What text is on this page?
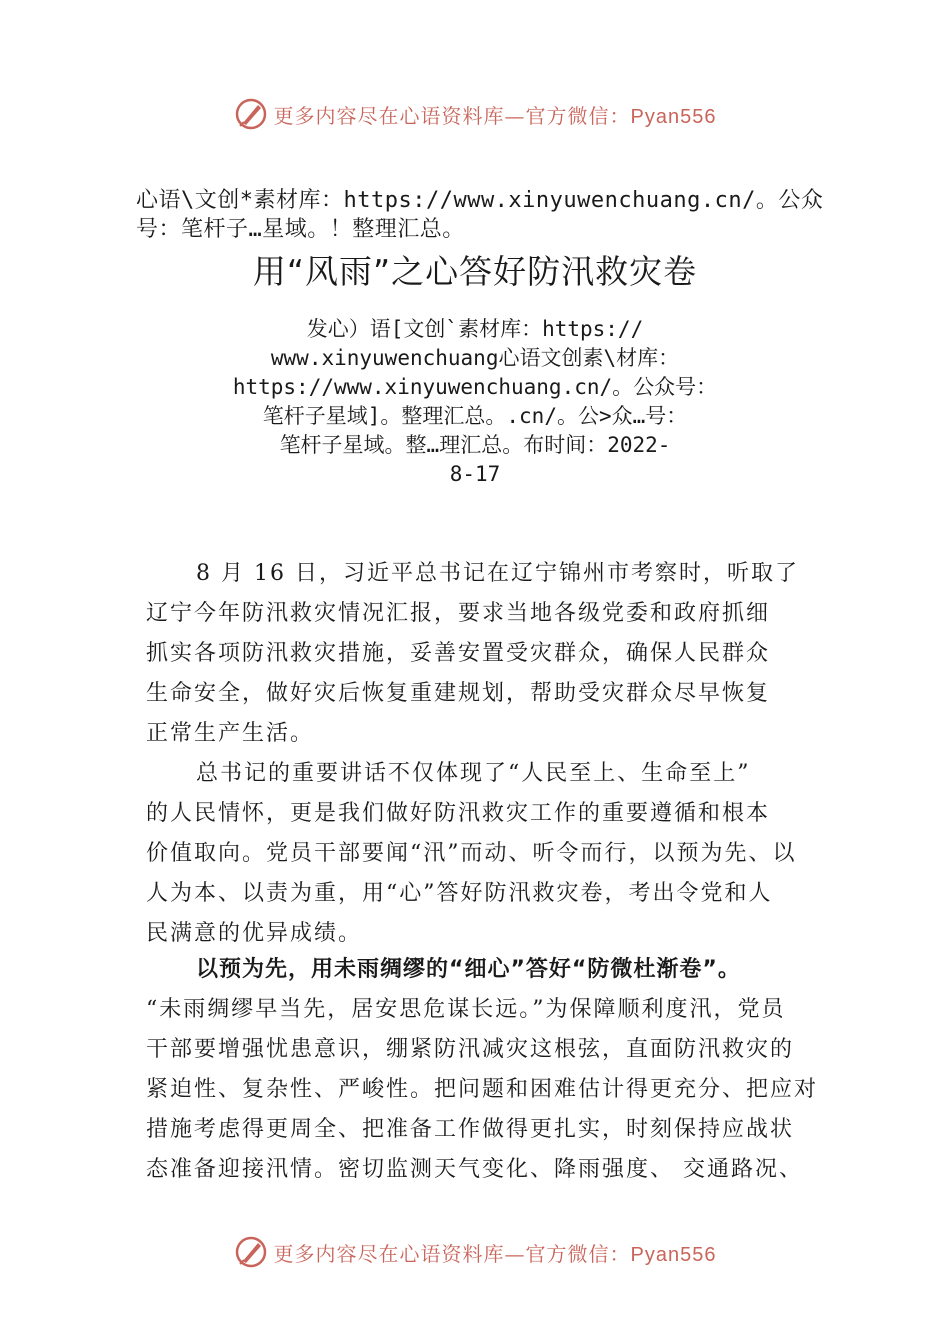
更多内容尽在心语资料库—官方微信：Pyan556
心语\文创*素材库：https://www.xinyuwenchuang.cn/。公众
号：笔杆子…星域。！整理汇总。
用“风雨”之心答好防汛救灾卷
发心）语[文创`素材库：https://
www.xinyuwenchuang心语文创素\材库：
https://www.xinyuwenchuang.cn/。公众号：
笔杆子星域]。整理汇总。.cn/。公>众…号：
笔杆子星域。整…理汇总。布时间：2022-
8-17
8 月 16 日，习近平总书记在辽宁锦州市考察时，听取了
辽宁今年防汛救灾情况汇报，要求当地各级党委和政府抓细
抓实各项防汛救灾措施，妥善安置受灾群众，确保人民群众
生命安全，做好灾后恢复重建规划，帮助受灾群众尽早恢复
正常生产生活。
总书记的重要讲话不仅体现了“人民至上、生命至上”
的人民情怀，更是我们做好防汛救灾工作的重要遵循和根本
价值取向。党员干部要闻“汛”而动、听令而行，以预为先、以
人为本、以责为重，用“心”答好防汛救灾卷，考出令党和人
民满意的优异成绩。
以预为先，用未雨绸缪的“细心”答好“防微杜渐卷”。
“未雨绸缪早当先，居安思危谋长远。”为保障顺利度汛，党员
干部要增强忧患意识，绷紧防汛减灾这根弦，直面防汛救灾的
紧迫性、复杂性、严峻性。把问题和困难估计得更充分、把应对
措施考虑得更周全、把准备工作做得更扎实，时刻保持应战状
态准备迎接汛情。密切监测天气变化、降雨强度、 交通路况、
更多内容尽在心语资料库—官方微信：Pyan556
